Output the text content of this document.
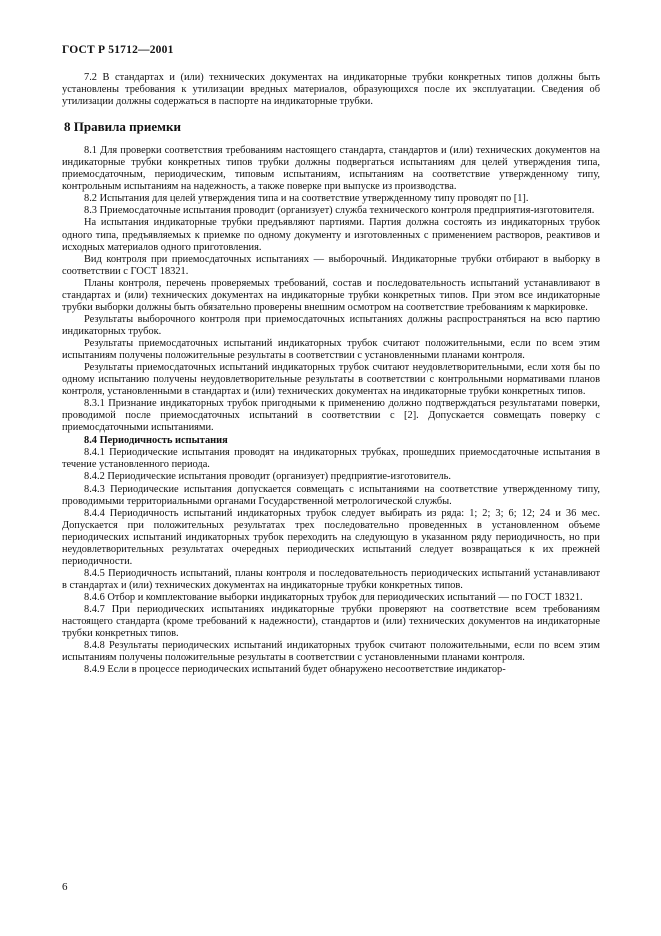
ГОСТ Р 51712—2001

7.2 В стандартах и (или) технических документах на индикаторные трубки конкретных типов должны быть установлены требования к утилизации вредных материалов, образующихся после их эксплуатации. Сведения об утилизации должны содержаться в паспорте на индикаторные трубки.

8 Правила приемки

8.1 Для проверки соответствия требованиям настоящего стандарта, стандартов и (или) технических документов на индикаторные трубки конкретных типов трубки должны подвергаться испытаниям для целей утверждения типа, приемосдаточным, периодическим, типовым испытаниям, испытаниям на соответствие утвержденному типу, контрольным испытаниям на надежность, а также поверке при выпуске из производства.

8.2 Испытания для целей утверждения типа и на соответствие утвержденному типу проводят по [1].

8.3 Приемосдаточные испытания проводит (организует) служба технического контроля предприятия-изготовителя.

На испытания индикаторные трубки предъявляют партиями. Партия должна состоять из индикаторных трубок одного типа, предъявляемых к приемке по одному документу и изготовленных с применением растворов, реактивов и исходных материалов одного приготовления.

Вид контроля при приемосдаточных испытаниях — выборочный. Индикаторные трубки отбирают в выборку в соответствии с ГОСТ 18321.

Планы контроля, перечень проверяемых требований, состав и последовательность испытаний устанавливают в стандартах и (или) технических документах на индикаторные трубки конкретных типов. При этом все индикаторные трубки выборки должны быть обязательно проверены внешним осмотром на соответствие требованиям к маркировке.

Результаты выборочного контроля при приемосдаточных испытаниях должны распространяться на всю партию индикаторных трубок.

Результаты приемосдаточных испытаний индикаторных трубок считают положительными, если по всем этим испытаниям получены положительные результаты в соответствии с установленными планами контроля.

Результаты приемосдаточных испытаний индикаторных трубок считают неудовлетворительными, если хотя бы по одному испытанию получены неудовлетворительные результаты в соответствии с контрольными нормативами планов контроля, установленными в стандартах и (или) технических документах на индикаторные трубки конкретных типов.

8.3.1 Признание индикаторных трубок пригодными к применению должно подтверждаться результатами поверки, проводимой после приемосдаточных испытаний в соответствии с [2]. Допускается совмещать поверку с приемосдаточными испытаниями.

8.4 Периодичность испытания

8.4.1 Периодические испытания проводят на индикаторных трубках, прошедших приемосдаточные испытания в течение установленного периода.

8.4.2 Периодические испытания проводит (организует) предприятие-изготовитель.

8.4.3 Периодические испытания допускается совмещать с испытаниями на соответствие утвержденному типу, проводимыми территориальными органами Государственной метрологической службы.

8.4.4 Периодичность испытаний индикаторных трубок следует выбирать из ряда: 1; 2; 3; 6; 12; 24 и 36 мес. Допускается при положительных результатах трех последовательно проведенных в установленном объеме периодических испытаний индикаторных трубок переходить на следующую в указанном ряду периодичность, но при неудовлетворительных результатах очередных периодических испытаний следует возвращаться к их прежней периодичности.

8.4.5 Периодичность испытаний, планы контроля и последовательность периодических испытаний устанавливают в стандартах и (или) технических документах на индикаторные трубки конкретных типов.

8.4.6 Отбор и комплектование выборки индикаторных трубок для периодических испытаний — по ГОСТ 18321.

8.4.7 При периодических испытаниях индикаторные трубки проверяют на соответствие всем требованиям настоящего стандарта (кроме требований к надежности), стандартов и (или) технических документов на индикаторные трубки конкретных типов.

8.4.8 Результаты периодических испытаний индикаторных трубок считают положительными, если по всем этим испытаниям получены положительные результаты в соответствии с установленными планами контроля.

8.4.9 Если в процессе периодических испытаний будет обнаружено несоответствие индикатор-

6
